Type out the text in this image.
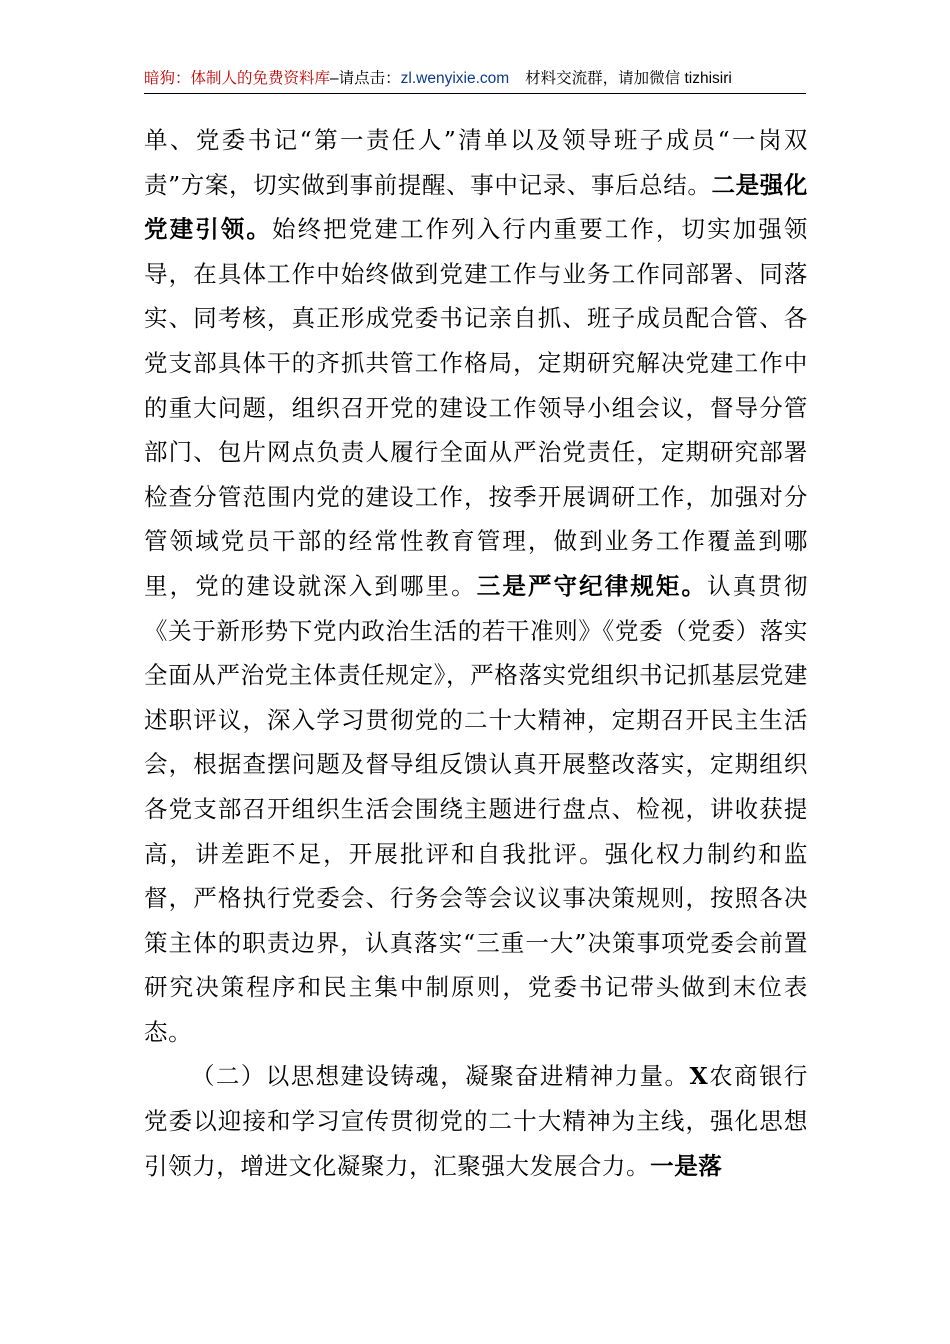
暗狗：体制人的免费资料库–请点击：zl.wenyixie.com 材料交流群，请加微信 tizhisiri

单、党委书记“第一责任人”清单以及领导班子成员“一岗双责”方案，切实做到事前提醒、事中记录、事后总结。二是强化党建引领。始终把党建工作列入行内重要工作，切实加强领导，在具体工作中始终做到党建工作与业务工作同部署、同落实、同考核，真正形成党委书记亲自抓、班子成员配合管、各党支部具体干的齐抓共管工作格局，定期研究解决党建工作中的重大问题，组织召开党的建设工作领导小组会议，督导分管部门、包片网点负责人履行全面从严治党责任，定期研究部署检查分管范围内党的建设工作，按季开展调研工作，加强对分管领域党员干部的经常性教育管理，做到业务工作覆盖到哪里，党的建设就深入到哪里。三是严守纪律规矩。认真贯彻《关于新形势下党内政治生活的若干准则》《党委（党委）落实全面从严治党主体责任规定》，严格落实党组织书记抓基层党建述职评议，深入学习贯彻党的二十大精神，定期召开民主生活会，根据查摆问题及督导组反馈认真开展整改落实，定期组织各党支部召开组织生活会围绕主题进行盘点、检视，讲收获提高，讲差距不足，开展批评和自我批评。强化权力制约和监督，严格执行党委会、行务会等会议议事决策规则，按照各决策主体的职责边界，认真落实“三重一大”决策事项党委会前置研究决策程序和民主集中制原则，党委书记带头做到末位表态。

（二）以思想建设铸魂，凝聚奋进精神力量。X农商银行党委以迎接和学习宣传贯彻党的二十大精神为主线，强化思想引领力，增进文化凝聚力，汇聚强大发展合力。一是落
